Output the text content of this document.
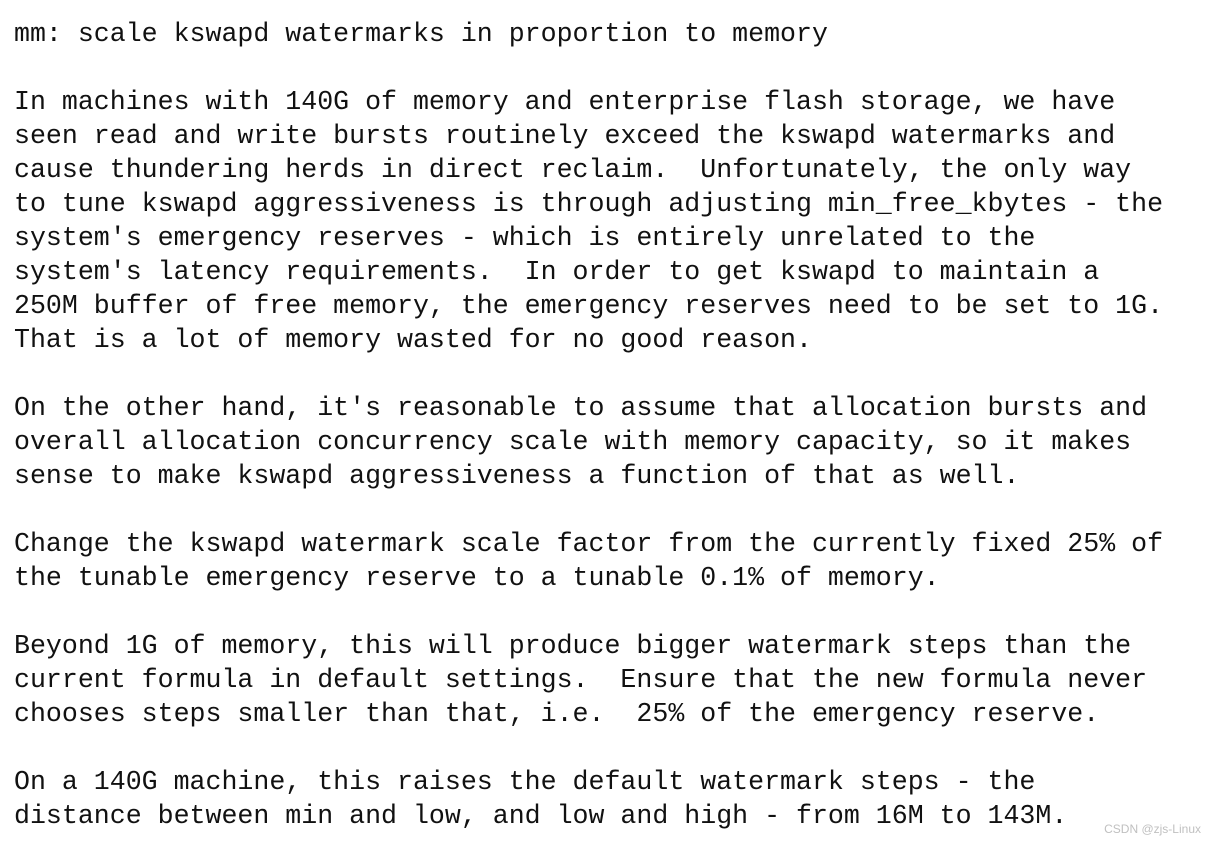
mm: scale kswapd watermarks in proportion to memory
In machines with 140G of memory and enterprise flash storage, we have
seen read and write bursts routinely exceed the kswapd watermarks and
cause thundering herds in direct reclaim.  Unfortunately, the only way
to tune kswapd aggressiveness is through adjusting min_free_kbytes - the
system's emergency reserves - which is entirely unrelated to the
system's latency requirements.  In order to get kswapd to maintain a
250M buffer of free memory, the emergency reserves need to be set to 1G.
That is a lot of memory wasted for no good reason.
On the other hand, it's reasonable to assume that allocation bursts and
overall allocation concurrency scale with memory capacity, so it makes
sense to make kswapd aggressiveness a function of that as well.
Change the kswapd watermark scale factor from the currently fixed 25% of
the tunable emergency reserve to a tunable 0.1% of memory.
Beyond 1G of memory, this will produce bigger watermark steps than the
current formula in default settings.  Ensure that the new formula never
chooses steps smaller than that, i.e.  25% of the emergency reserve.
On a 140G machine, this raises the default watermark steps - the
distance between min and low, and low and high - from 16M to 143M.	CSDN @zjs-Linux
